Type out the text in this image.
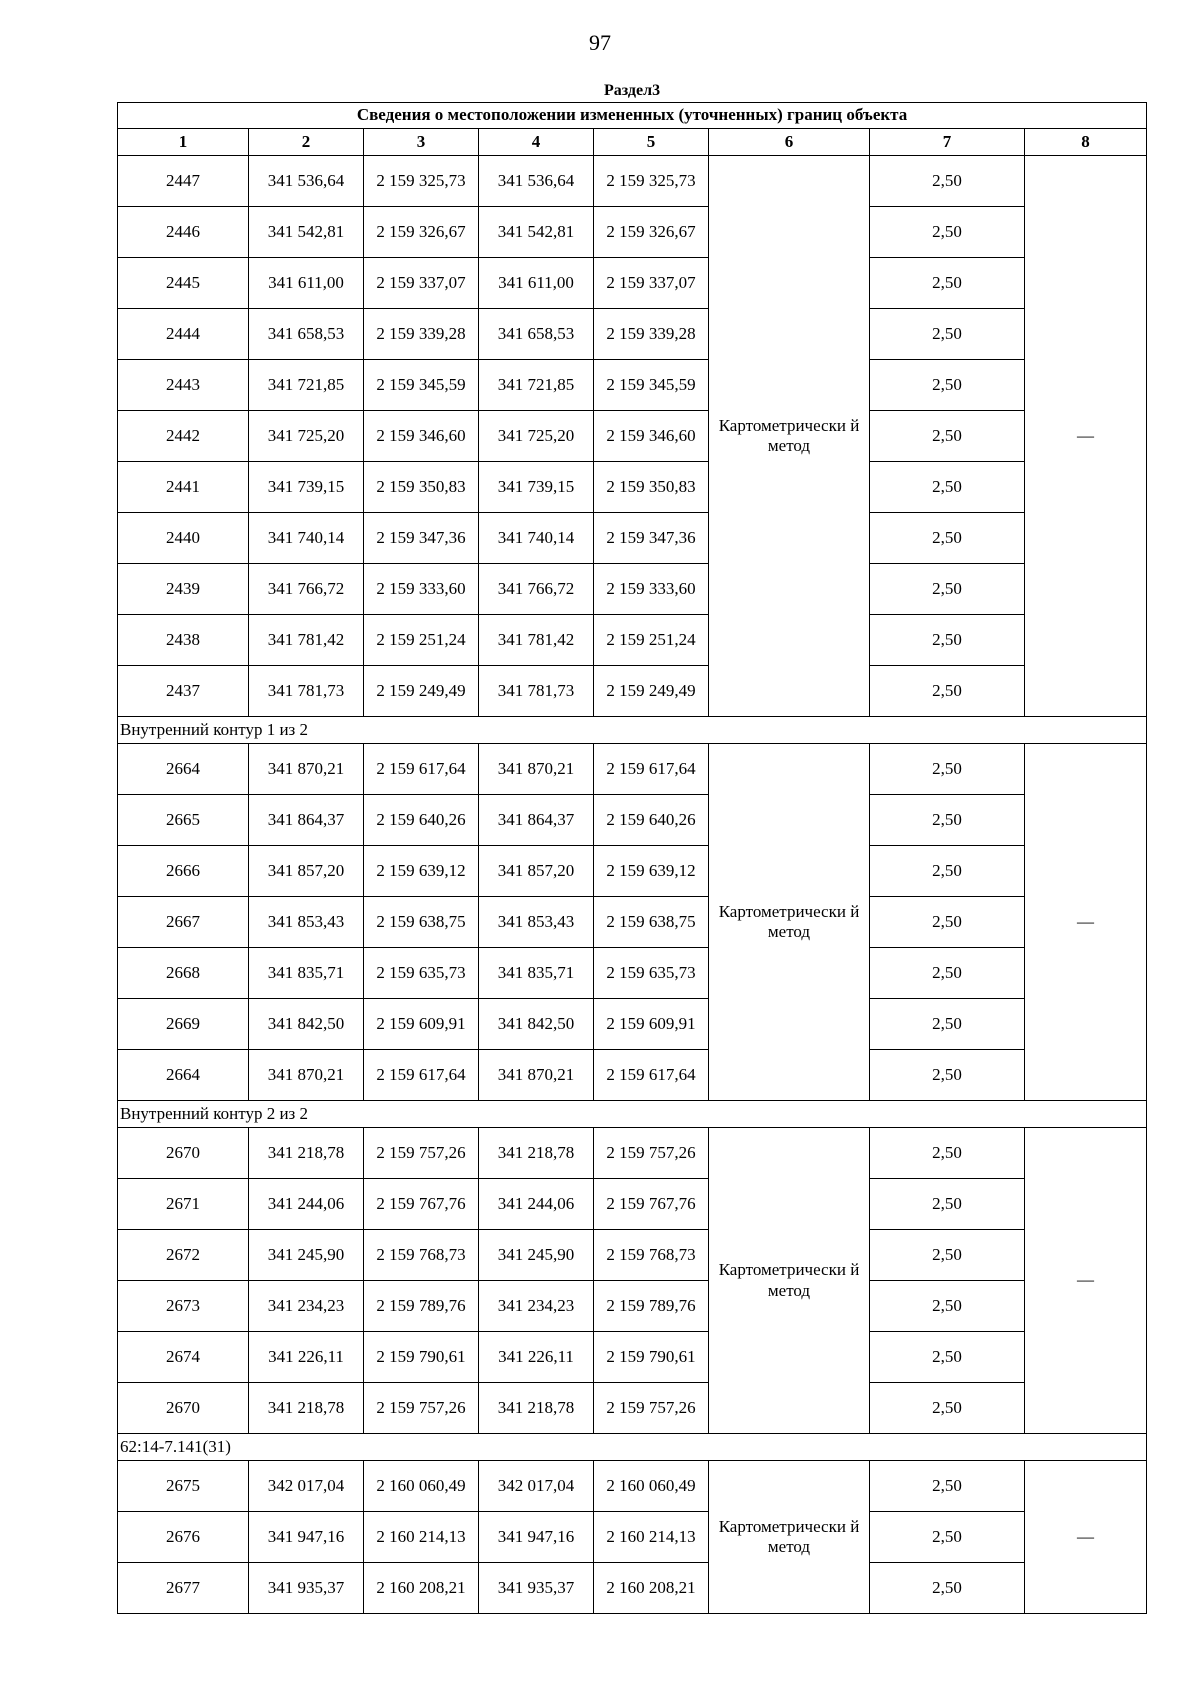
97
Раздел3							
Сведения о местоположении измененных (уточненных) границ объекта							
1	2	3	4	5	6	7	8
2447	341 536,64	2 159 325,73	341 536,64	2 159 325,73	Картометрически й метод	2,50	—
2446	341 542,81	2 159 326,67	341 542,81	2 159 326,67		2,50	
2445	341 611,00	2 159 337,07	341 611,00	2 159 337,07		2,50	
2444	341 658,53	2 159 339,28	341 658,53	2 159 339,28		2,50	
2443	341 721,85	2 159 345,59	341 721,85	2 159 345,59		2,50	
2442	341 725,20	2 159 346,60	341 725,20	2 159 346,60		2,50	
2441	341 739,15	2 159 350,83	341 739,15	2 159 350,83		2,50	
2440	341 740,14	2 159 347,36	341 740,14	2 159 347,36		2,50	
2439	341 766,72	2 159 333,60	341 766,72	2 159 333,60		2,50	
2438	341 781,42	2 159 251,24	341 781,42	2 159 251,24		2,50	
2437	341 781,73	2 159 249,49	341 781,73	2 159 249,49		2,50	
Внутренний контур 1 из 2							
2664	341 870,21	2 159 617,64	341 870,21	2 159 617,64	Картометрически й метод	2,50	—
2665	341 864,37	2 159 640,26	341 864,37	2 159 640,26		2,50	
2666	341 857,20	2 159 639,12	341 857,20	2 159 639,12		2,50	
2667	341 853,43	2 159 638,75	341 853,43	2 159 638,75		2,50	
2668	341 835,71	2 159 635,73	341 835,71	2 159 635,73		2,50	
2669	341 842,50	2 159 609,91	341 842,50	2 159 609,91		2,50	
2664	341 870,21	2 159 617,64	341 870,21	2 159 617,64		2,50	
Внутренний контур 2 из 2							
2670	341 218,78	2 159 757,26	341 218,78	2 159 757,26	Картометрически й метод	2,50	—
2671	341 244,06	2 159 767,76	341 244,06	2 159 767,76		2,50	
2672	341 245,90	2 159 768,73	341 245,90	2 159 768,73		2,50	
2673	341 234,23	2 159 789,76	341 234,23	2 159 789,76		2,50	
2674	341 226,11	2 159 790,61	341 226,11	2 159 790,61		2,50	
2670	341 218,78	2 159 757,26	341 218,78	2 159 757,26		2,50	
62:14-7.141(31)							
2675	342 017,04	2 160 060,49	342 017,04	2 160 060,49	Картометрически й метод	2,50	—
2676	341 947,16	2 160 214,13	341 947,16	2 160 214,13		2,50	
2677	341 935,37	2 160 208,21	341 935,37	2 160 208,21		2,50	
